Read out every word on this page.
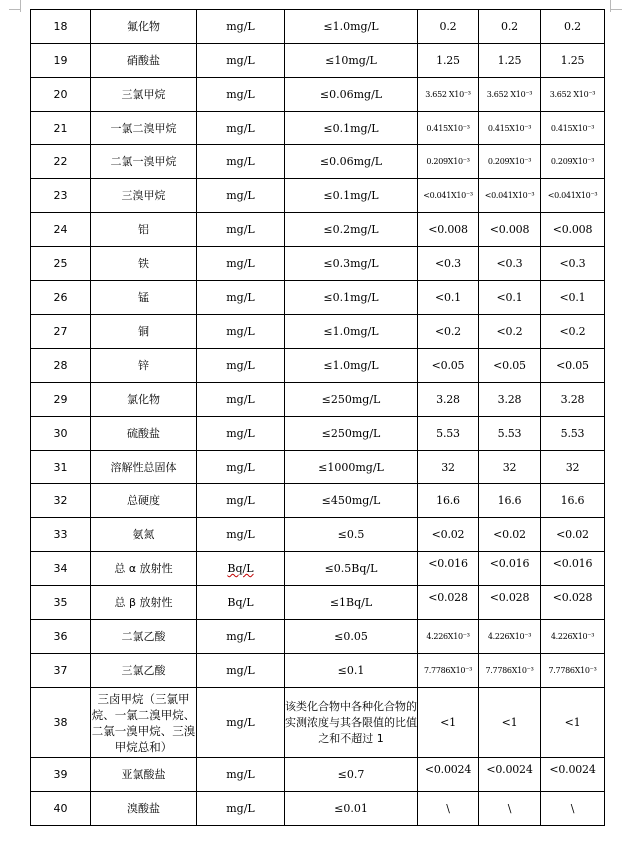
18	氟化物	mg/L	≤1.0mg/L	0.2	0.2	0.2
19	硝酸盐	mg/L	≤10mg/L	1.25	1.25	1.25
20	三氯甲烷	mg/L	≤0.06mg/L	3.652 X10⁻³	3.652 X10⁻³	3.652 X10⁻³
21	一氯二溴甲烷	mg/L	≤0.1mg/L	0.415X10⁻³	0.415X10⁻³	0.415X10⁻³
22	二氯一溴甲烷	mg/L	≤0.06mg/L	0.209X10⁻³	0.209X10⁻³	0.209X10⁻³
23	三溴甲烷	mg/L	≤0.1mg/L	<0.041X10⁻³	<0.041X10⁻³	<0.041X10⁻³
24	铝	mg/L	≤0.2mg/L	<0.008	<0.008	<0.008
25	铁	mg/L	≤0.3mg/L	<0.3	<0.3	<0.3
26	锰	mg/L	≤0.1mg/L	<0.1	<0.1	<0.1
27	铜	mg/L	≤1.0mg/L	<0.2	<0.2	<0.2
28	锌	mg/L	≤1.0mg/L	<0.05	<0.05	<0.05
29	氯化物	mg/L	≤250mg/L	3.28	3.28	3.28
30	硫酸盐	mg/L	≤250mg/L	5.53	5.53	5.53
31	溶解性总固体	mg/L	≤1000mg/L	32	32	32
32	总硬度	mg/L	≤450mg/L	16.6	16.6	16.6
33	氨氮	mg/L	≤0.5	<0.02	<0.02	<0.02
34	总 α 放射性	Bq/L	≤0.5Bq/L	<0.016	<0.016	<0.016
35	总 β 放射性	Bq/L	≤1Bq/L	<0.028	<0.028	<0.028
36	二氯乙酸	mg/L	≤0.05	4.226X10⁻³	4.226X10⁻³	4.226X10⁻³
37	三氯乙酸	mg/L	≤0.1	7.7786X10⁻³	7.7786X10⁻³	7.7786X10⁻³
38	三卤甲烷（三氯甲烷、一氯二溴甲烷、二氯一溴甲烷、三溴甲烷总和）	mg/L	该类化合物中各种化合物的实测浓度与其各限值的比值之和不超过 1	<1	<1	<1
39	亚氯酸盐	mg/L	≤0.7	<0.0024	<0.0024	<0.0024
40	溴酸盐	mg/L	≤0.01	\	\	\
